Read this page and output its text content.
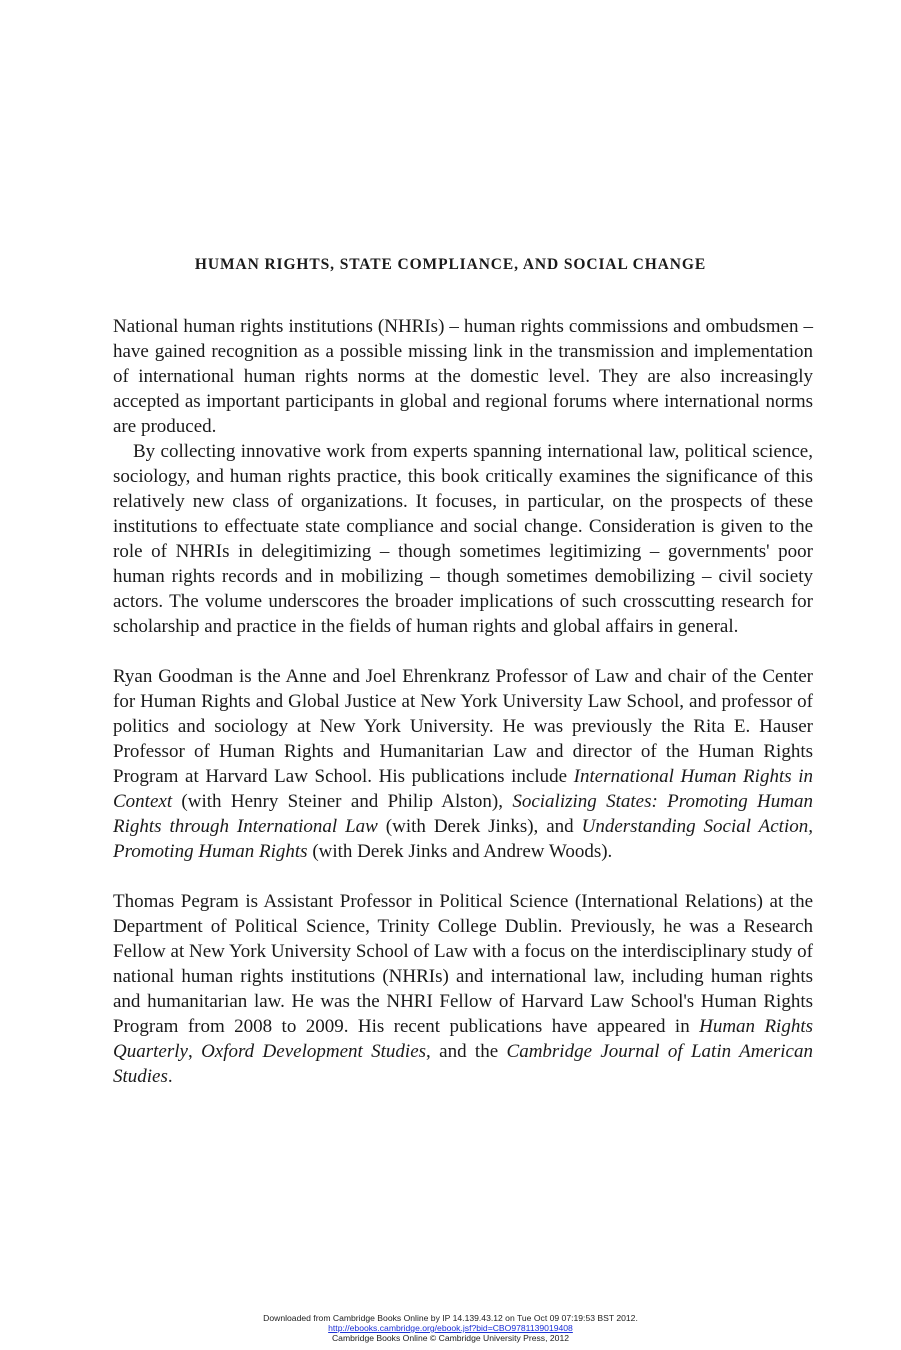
HUMAN RIGHTS, STATE COMPLIANCE, AND SOCIAL CHANGE

National human rights institutions (NHRIs) – human rights commissions and ombudsmen – have gained recognition as a possible missing link in the transmission and implementation of international human rights norms at the domestic level. They are also increasingly accepted as important participants in global and regional forums where international norms are produced.

By collecting innovative work from experts spanning international law, political science, sociology, and human rights practice, this book critically examines the significance of this relatively new class of organizations. It focuses, in particular, on the prospects of these institutions to effectuate state compliance and social change. Consideration is given to the role of NHRIs in delegitimizing – though sometimes legitimizing – governments' poor human rights records and in mobilizing – though sometimes demobilizing – civil society actors. The volume underscores the broader implications of such crosscutting research for scholarship and practice in the fields of human rights and global affairs in general.

Ryan Goodman is the Anne and Joel Ehrenkranz Professor of Law and chair of the Center for Human Rights and Global Justice at New York University Law School, and professor of politics and sociology at New York University. He was previously the Rita E. Hauser Professor of Human Rights and Humanitarian Law and director of the Human Rights Program at Harvard Law School. His publications include International Human Rights in Context (with Henry Steiner and Philip Alston), Socializing States: Promoting Human Rights through International Law (with Derek Jinks), and Understanding Social Action, Promoting Human Rights (with Derek Jinks and Andrew Woods).

Thomas Pegram is Assistant Professor in Political Science (International Relations) at the Department of Political Science, Trinity College Dublin. Previously, he was a Research Fellow at New York University School of Law with a focus on the interdisciplinary study of national human rights institutions (NHRIs) and international law, including human rights and humanitarian law. He was the NHRI Fellow of Harvard Law School's Human Rights Program from 2008 to 2009. His recent publications have appeared in Human Rights Quarterly, Oxford Development Studies, and the Cambridge Journal of Latin American Studies.

Downloaded from Cambridge Books Online by IP 14.139.43.12 on Tue Oct 09 07:19:53 BST 2012.
http://ebooks.cambridge.org/ebook.jsf?bid=CBO9781139019408
Cambridge Books Online © Cambridge University Press, 2012
